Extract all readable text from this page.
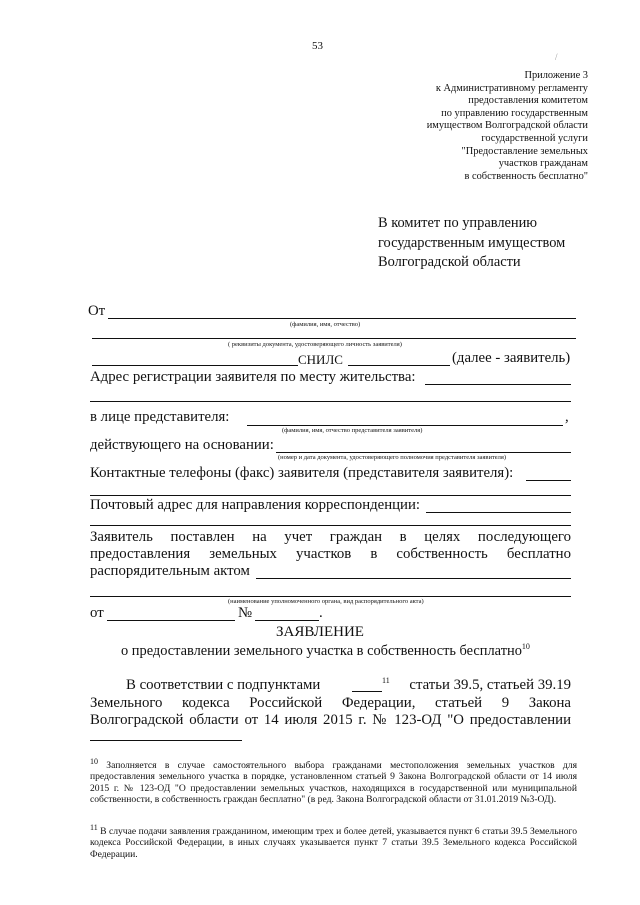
53
/
Приложение 3
к Административному регламенту
предоставления комитетом
по управлению государственным
имуществом Волгоградской области
государственной услуги
"Предоставление земельных
участков гражданам
в собственность бесплатно"
В комитет по управлению
государственным имуществом
Волгоградской области
От
(фамилия, имя, отчество)
( реквизиты документа, удостоверяющего личность заявителя)
СНИЛС	(далее - заявитель)
Адрес регистрации заявителя по месту жительства:
в лице представителя:	,
(фамилия, имя, отчество представителя заявителя)
действующего на основании:
(номер и дата документа, удостоверяющего полномочия представителя заявителя)
Контактные телефоны (факс) заявителя (представителя заявителя):
Почтовый адрес для направления корреспонденции:
Заявитель поставлен на учет граждан в целях последующего
предоставления земельных участков в собственность бесплатно
распорядительным актом
(наименование уполномоченного органа, вид распорядительного акта)
от	№	.
ЗАЯВЛЕНИЕ
о предоставлении земельного участка в собственность бесплатно$^{10}$
В соответствии с подпунктами	11 статьи 39.5, статьей 39.19
Земельного кодекса Российской Федерации, статьей 9 Закона
Волгоградской области от 14 июля 2015 г. № 123-ОД "О предоставлении
$^{10}$ Заполняется в случае самостоятельного выбора гражданами местоположения земельных участков для предоставления земельного участка в порядке, установленном статьей 9 Закона Волгоградской области от 14 июля 2015 г. № 123-ОД "О предоставлении земельных участков, находящихся в государственной или муниципальной собственности, в собственность граждан бесплатно" (в ред. Закона Волгоградской области от 31.01.2019 №3-ОД).
$^{11}$ В случае подачи заявления гражданином, имеющим трех и более детей, указывается пункт 6 статьи 39.5 Земельного кодекса Российской Федерации, в иных случаях указывается пункт 7 статьи 39.5 Земельного кодекса Российской Федерации.
